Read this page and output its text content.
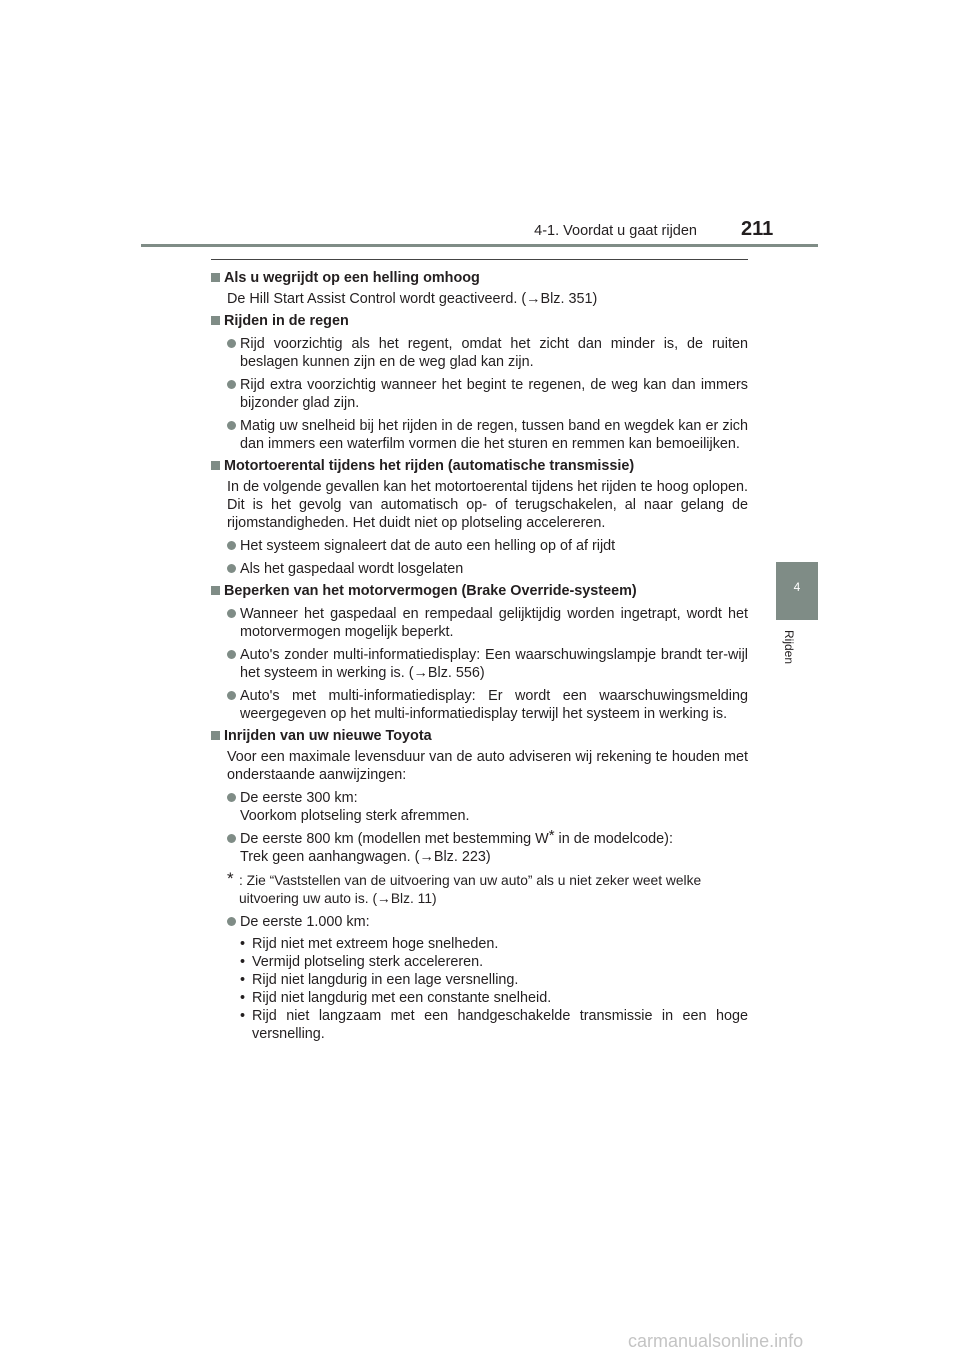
4-1. Voordat u gaat rijden 211
4
Rijden
Als u wegrijdt op een helling omhoog
De Hill Start Assist Control wordt geactiveerd. (→Blz. 351)
Rijden in de regen
Rijd voorzichtig als het regent, omdat het zicht dan minder is, de ruiten beslagen kunnen zijn en de weg glad kan zijn.
Rijd extra voorzichtig wanneer het begint te regenen, de weg kan dan immers bijzonder glad zijn.
Matig uw snelheid bij het rijden in de regen, tussen band en wegdek kan er zich dan immers een waterfilm vormen die het sturen en remmen kan bemoeilijken.
Motortoerental tijdens het rijden (automatische transmissie)
In de volgende gevallen kan het motortoerental tijdens het rijden te hoog oplopen. Dit is het gevolg van automatisch op- of terugschakelen, al naar gelang de rijomstandigheden. Het duidt niet op plotseling accelereren.
Het systeem signaleert dat de auto een helling op of af rijdt
Als het gaspedaal wordt losgelaten
Beperken van het motorvermogen (Brake Override-systeem)
Wanneer het gaspedaal en rempedaal gelijktijdig worden ingetrapt, wordt het motorvermogen mogelijk beperkt.
Auto's zonder multi-informatiedisplay: Een waarschuwingslampje brandt ter-wijl het systeem in werking is. (→Blz. 556)
Auto's met multi-informatiedisplay: Er wordt een waarschuwingsmelding weergegeven op het multi-informatiedisplay terwijl het systeem in werking is.
Inrijden van uw nieuwe Toyota
Voor een maximale levensduur van de auto adviseren wij rekening te houden met onderstaande aanwijzingen:
De eerste 300 km:
Voorkom plotseling sterk afremmen.
De eerste 800 km (modellen met bestemming W* in de modelcode):
Trek geen aanhangwagen. (→Blz. 223)
* : Zie “Vaststellen van de uitvoering van uw auto” als u niet zeker weet welke uitvoering uw auto is. (→Blz. 11)
De eerste 1.000 km:
• Rijd niet met extreem hoge snelheden.
• Vermijd plotseling sterk accelereren.
• Rijd niet langdurig in een lage versnelling.
• Rijd niet langdurig met een constante snelheid.
• Rijd niet langzaam met een handgeschakelde transmissie in een hoge versnelling.
carmanualsonline.info
